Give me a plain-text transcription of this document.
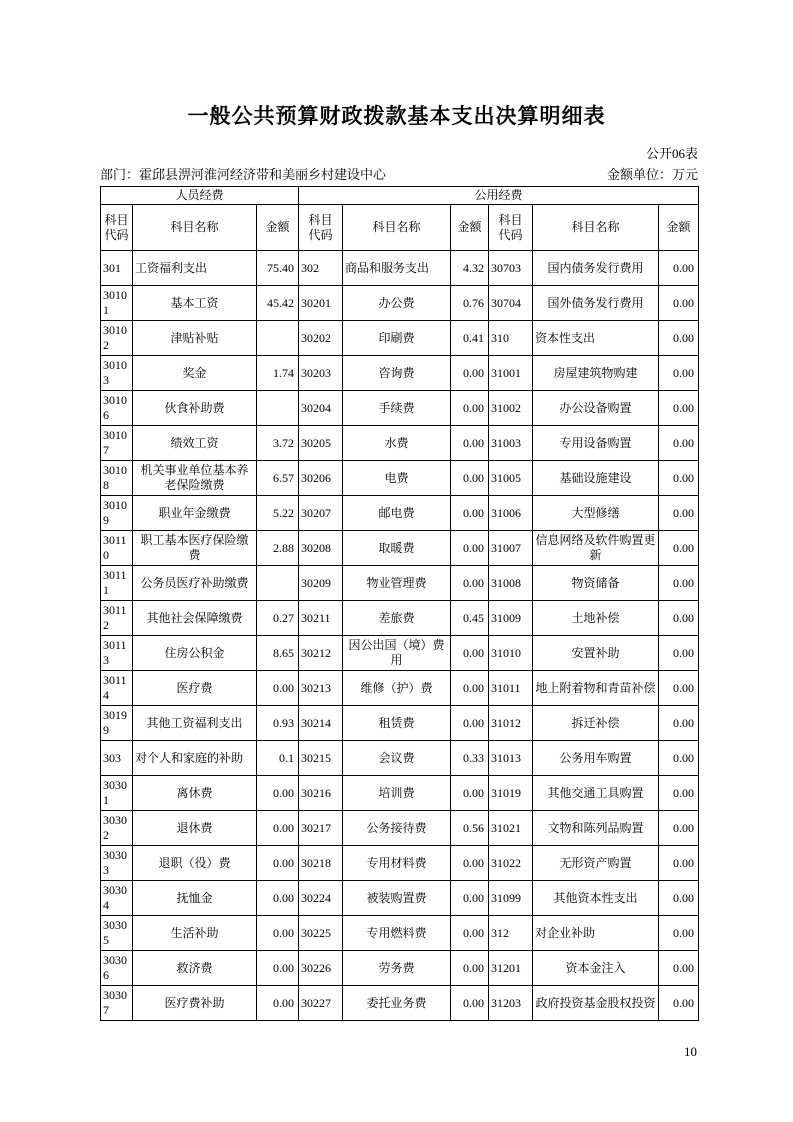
一般公共预算财政拨款基本支出决算明细表
公开06表
部门：霍邱县淠河淮河经济带和美丽乡村建设中心	金额单位：万元
人员经费			公用经费					
科目代码	科目名称	金额	科目代码	科目名称	金额	科目代码	科目名称	金额
301	工资福利支出	75.40	302	商品和服务支出	4.32	30703	国内债务发行费用	0.00
30101	基本工资	45.42	30201	办公费	0.76	30704	国外债务发行费用	0.00
30102	津贴补贴		30202	印刷费	0.41	310	资本性支出	0.00
30103	奖金	1.74	30203	咨询费	0.00	31001	房屋建筑物购建	0.00
30106	伙食补助费		30204	手续费	0.00	31002	办公设备购置	0.00
30107	绩效工资	3.72	30205	水费	0.00	31003	专用设备购置	0.00
30108	机关事业单位基本养老保险缴费	6.57	30206	电费	0.00	31005	基础设施建设	0.00
30109	职业年金缴费	5.22	30207	邮电费	0.00	31006	大型修缮	0.00
30110	职工基本医疗保险缴费	2.88	30208	取暖费	0.00	31007	信息网络及软件购置更新	0.00
30111	公务员医疗补助缴费		30209	物业管理费	0.00	31008	物资储备	0.00
30112	其他社会保障缴费	0.27	30211	差旅费	0.45	31009	土地补偿	0.00
30113	住房公积金	8.65	30212	因公出国（境）费用	0.00	31010	安置补助	0.00
30114	医疗费	0.00	30213	维修（护）费	0.00	31011	地上附着物和青苗补偿	0.00
30199	其他工资福利支出	0.93	30214	租赁费	0.00	31012	拆迁补偿	0.00
303	对个人和家庭的补助	0.1	30215	会议费	0.33	31013	公务用车购置	0.00
30301	离休费	0.00	30216	培训费	0.00	31019	其他交通工具购置	0.00
30302	退休费	0.00	30217	公务接待费	0.56	31021	文物和陈列品购置	0.00
30303	退职（役）费	0.00	30218	专用材料费	0.00	31022	无形资产购置	0.00
30304	抚恤金	0.00	30224	被装购置费	0.00	31099	其他资本性支出	0.00
30305	生活补助	0.00	30225	专用燃料费	0.00	312	对企业补助	0.00
30306	救济费	0.00	30226	劳务费	0.00	31201	资本金注入	0.00
30307	医疗费补助	0.00	30227	委托业务费	0.00	31203	政府投资基金股权投资	0.00
10
